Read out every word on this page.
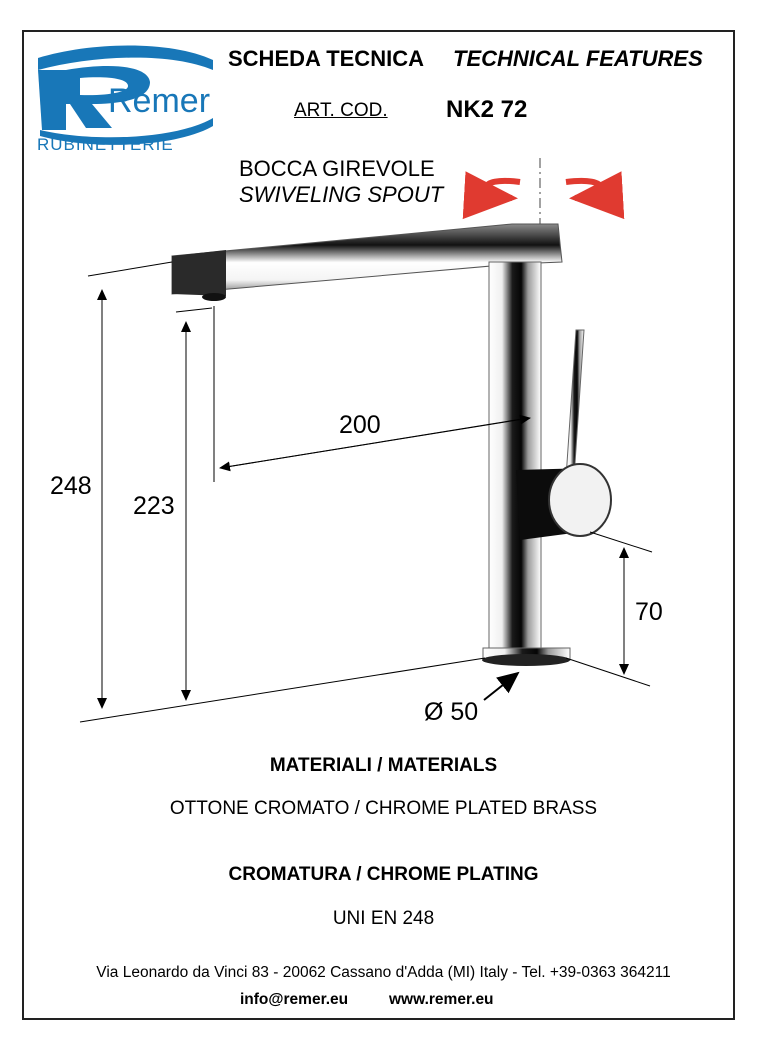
Remer
RUBINETTERIE
SCHEDA TECNICA TECHNICAL FEATURES
ART. COD. NK2 72
BOCCA GIREVOLE
SWIVELING SPOUT
248
223
200
70
Ø 50
MATERIALI / MATERIALS
OTTONE CROMATO / CHROME PLATED BRASS
CROMATURA / CHROME PLATING
UNI EN 248
Via Leonardo da Vinci 83 - 20062 Cassano d'Adda (MI) Italy - Tel. +39-0363 364211
info@remer.eu	www.remer.eu
